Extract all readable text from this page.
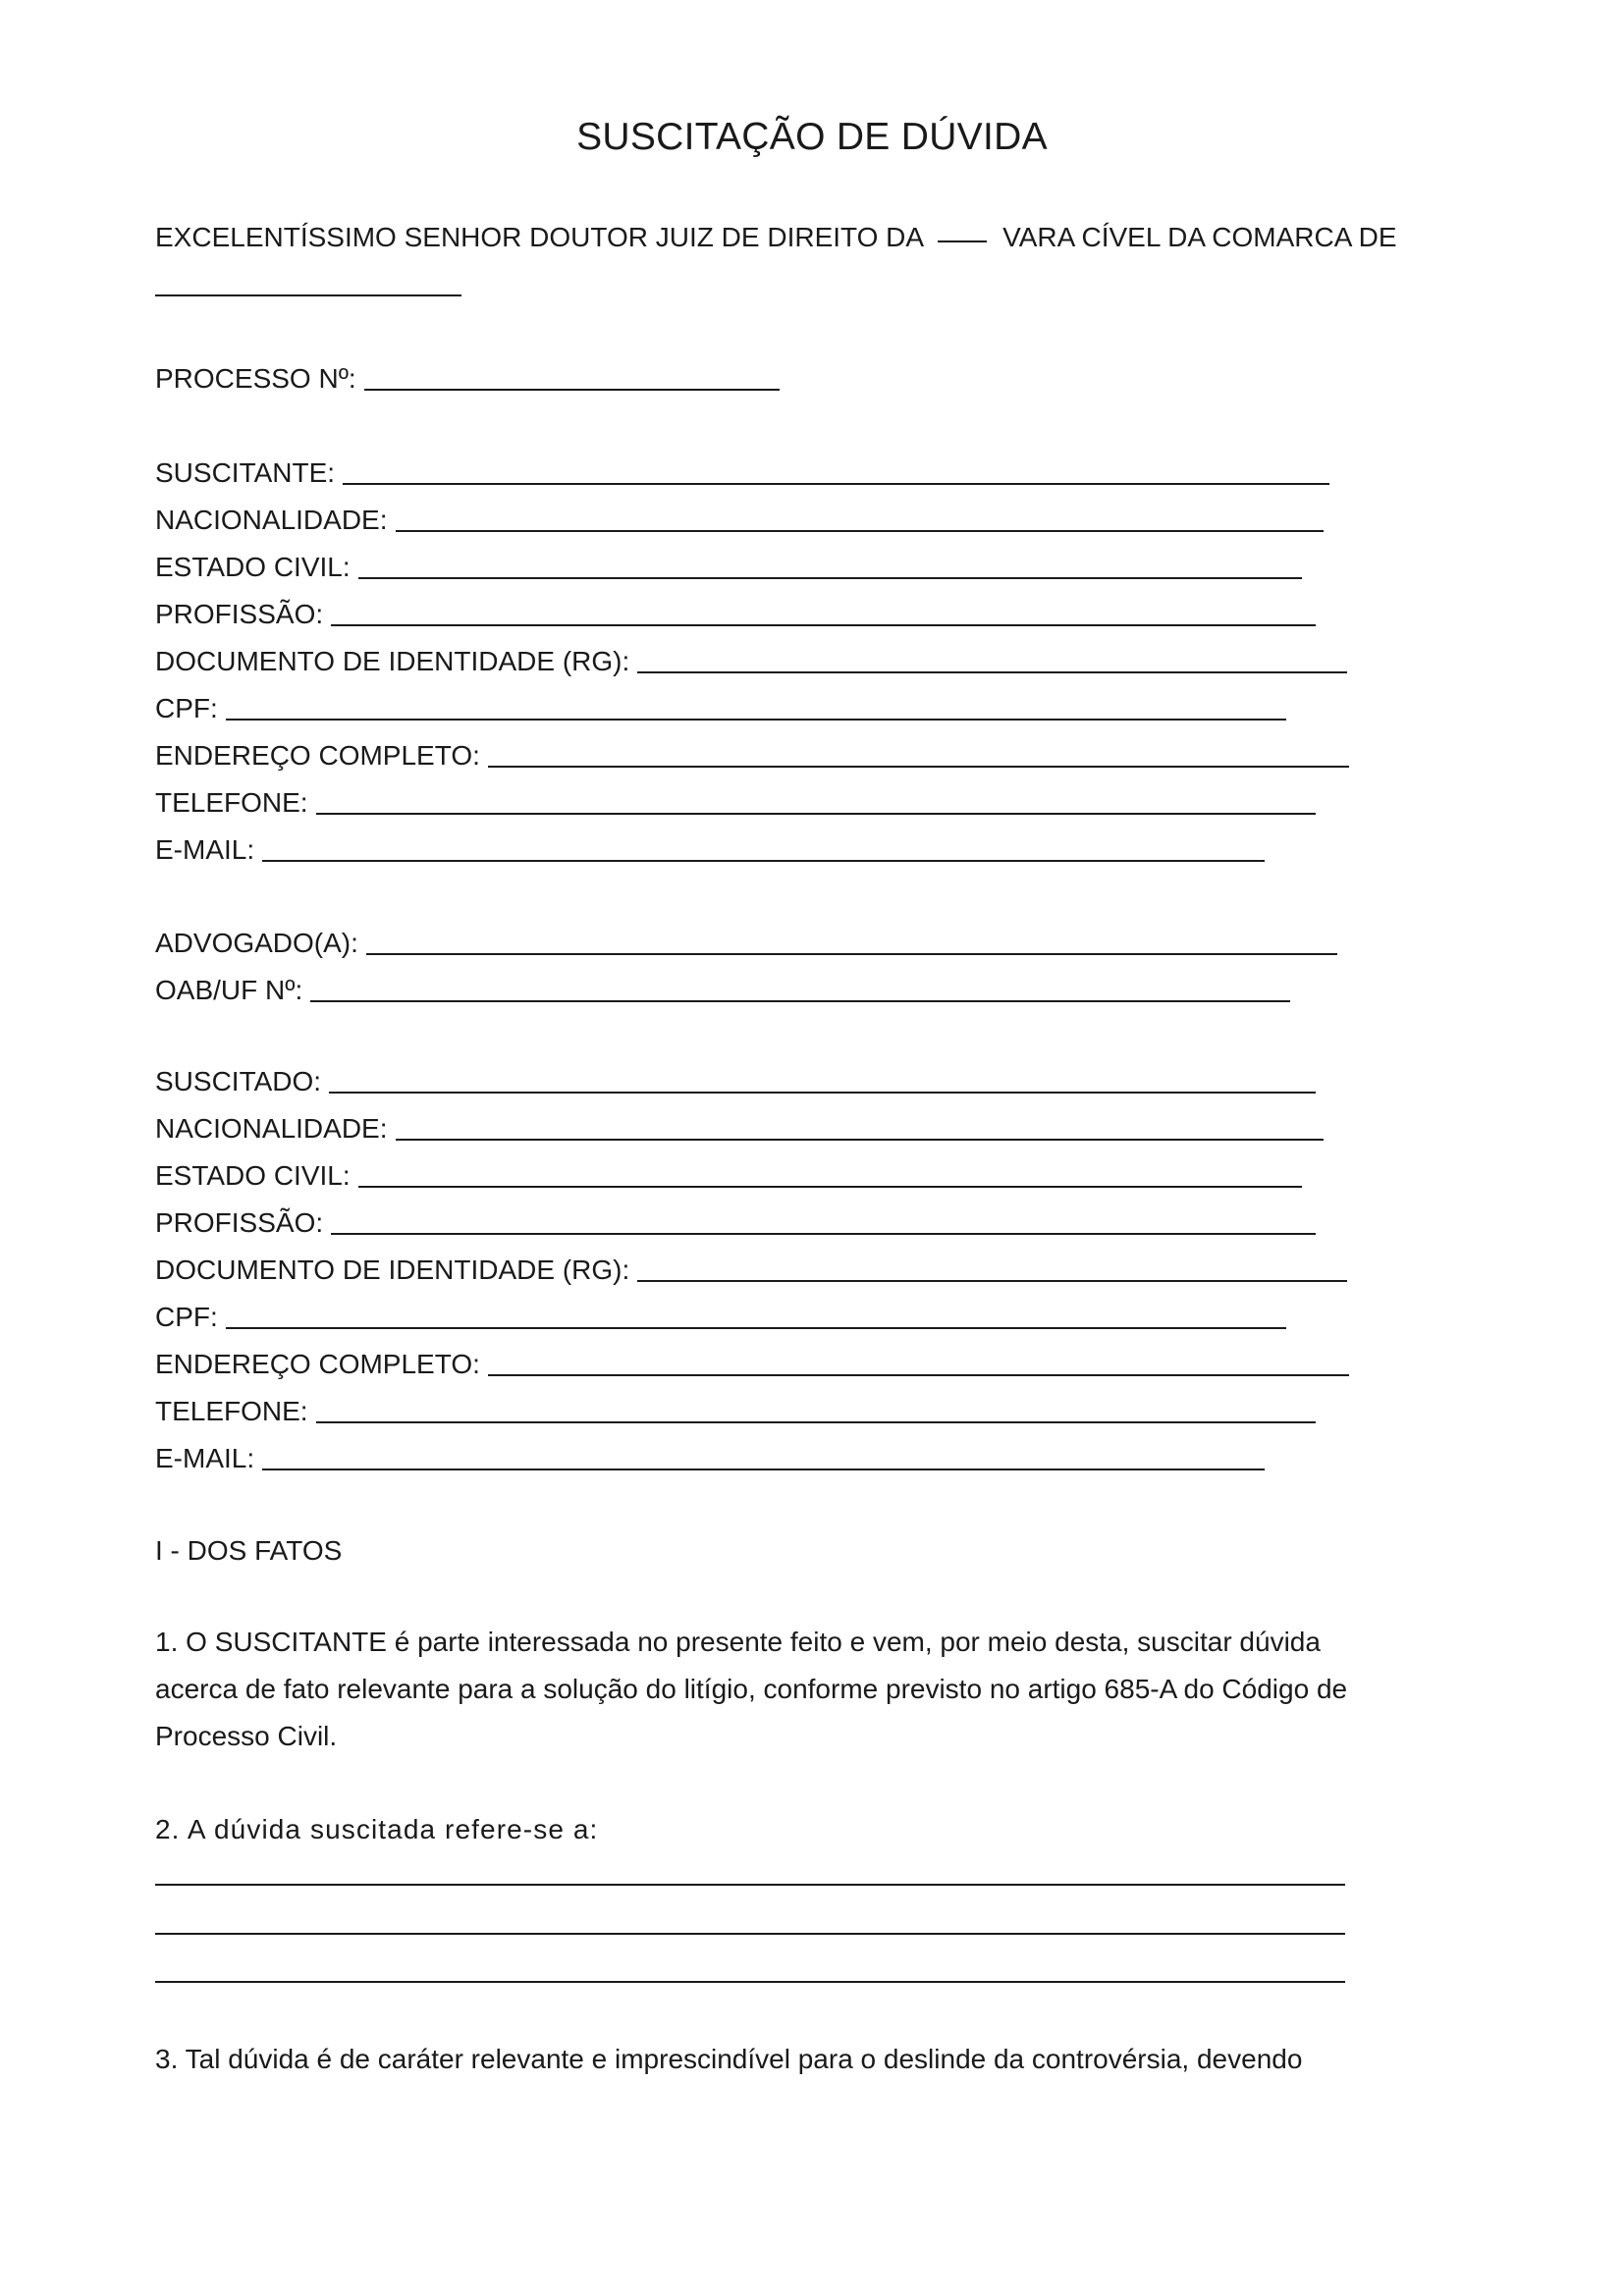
SUSCITAÇÃO DE DÚVIDA
EXCELENTÍSSIMO SENHOR DOUTOR JUIZ DE DIREITO DA	VARA CÍVEL DA COMARCA DE
PROCESSO Nº:
SUSCITANTE:
NACIONALIDADE:
ESTADO CIVIL:
PROFISSÃO:
DOCUMENTO DE IDENTIDADE (RG):
CPF:
ENDEREÇO COMPLETO:
TELEFONE:
E-MAIL:
ADVOGADO(A):
OAB/UF Nº:
SUSCITADO:
NACIONALIDADE:
ESTADO CIVIL:
PROFISSÃO:
DOCUMENTO DE IDENTIDADE (RG):
CPF:
ENDEREÇO COMPLETO:
TELEFONE:
E-MAIL:
I - DOS FATOS

1. O SUSCITANTE é parte interessada no presente feito e vem, por meio desta, suscitar dúvida acerca de fato relevante para a solução do litígio, conforme previsto no artigo 685-A do Código de Processo Civil.

2. A dúvida suscitada refere-se a:
3. Tal dúvida é de caráter relevante e imprescindível para o deslinde da controvérsia, devendo
